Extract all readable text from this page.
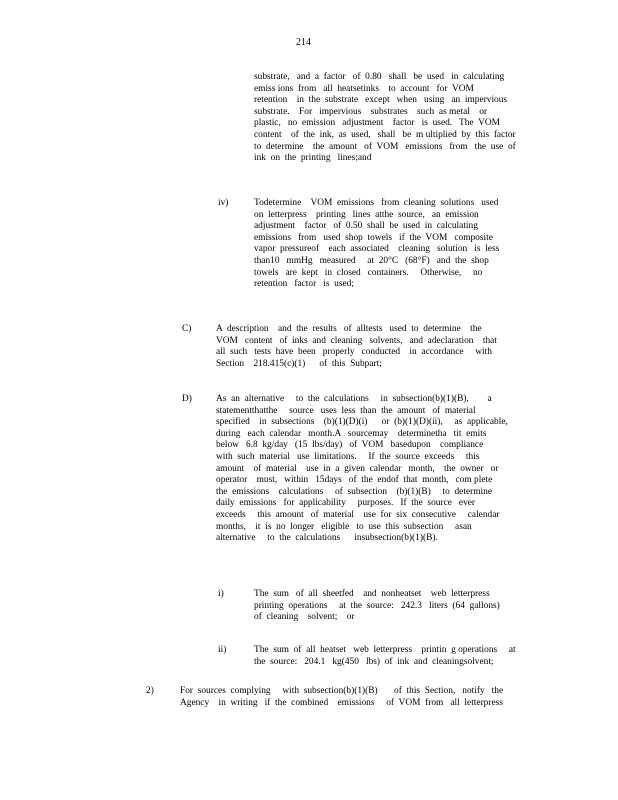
214
substrate,   and  a  factor   of  0.80   shall   be  used   in  calculating
emiss ions  from   all  heatsetinks    to  account   for  VOM
retention    in  the  substrate   except   when   using   an  impervious
substrate.    For   impervious    substrates    such  as metal    or
plastic,   no  emission   adjustment    factor   is  used.   The  VOM
content    of  the  ink,  as  used,   shall   be  m ultiplied  by  this  factor
to  determine    the  amount   of  VOM   emissions   from   the  use  of
ink  on  the  printing   lines;and
iv)	Todetermine    VOM  emissions   from  cleaning  solutions   used
on  letterpress    printing   lines  atthe  source,   an  emission
adjustment    factor   of  0.50  shall  be  used  in  calculating
emissions   from   used  shop  towels   if  the  VOM   composite
vapor  pressureof    each  associated    cleaning   solution   is  less
than10   mmHg   measured     at  20°C   (68°F)   and  the  shop
towels   are  kept   in  closed   containers.     Otherwise,     no
retention   factor   is  used;
C)	A  description    and  the  results   of  alltests   used  to  determine    the
VOM   content   of  inks  and  cleaning   solvents,   and  adeclaration    that
all  such   tests  have  been   properly   conducted    in  accordance     with
Section    218.415(c)(1)      of  this  Subpart;
D)	As  an  alternative     to  the  calculations     in  subsection(b)(1)(B),        a
statementthatthe     source   uses  less  than  the  amount   of  material
specified    in  subsections    (b)(1)(D)(i)      or  (b)(1)(D)(ii),     as  applicable,
during   each  calendar   month.A   sourcemay    determinetha   tit  emits
below   6.8  kg/day   (15  lbs/day)   of  VOM   basedupon    compliance
with  such  material   use  limitations.     If  the  source  exceeds     this
amount    of  material    use  in  a  given  calendar   month,    the  owner   or
operator    must,   within   15days   of  the  endof  that  month,   com plete
the  emissions    calculations     of  subsection    (b)(1)(B)     to  determine
daily  emissions   for  applicability     purposes.   If  the  source   ever
exceeds     this  amount   of  material    use  for  six  consecutive     calendar
months,    it  is  no  longer   eligible   to  use  this  subsection     asan
alternative     to  the  calculations      insubsection(b)(1)(B).
i)	The  sum   of  all  sheetfed    and  nonheatset    web  letterpress
printing  operations     at  the  source:   242.3   liters  (64  gallons)
of  cleaning    solvent;    or
ii)	The  sum  of  all  heatset   web  letterpress    printin  g operations     at
the  source:   204.1   kg(450   lbs)  of  ink  and  cleaningsolvent;
2)	For  sources  complying     with  subsection(b)(1)(B)       of  this  Section,   notify   the
Agency    in  writing   if  the  combined    emissions     of  VOM  from   all  letterpress
